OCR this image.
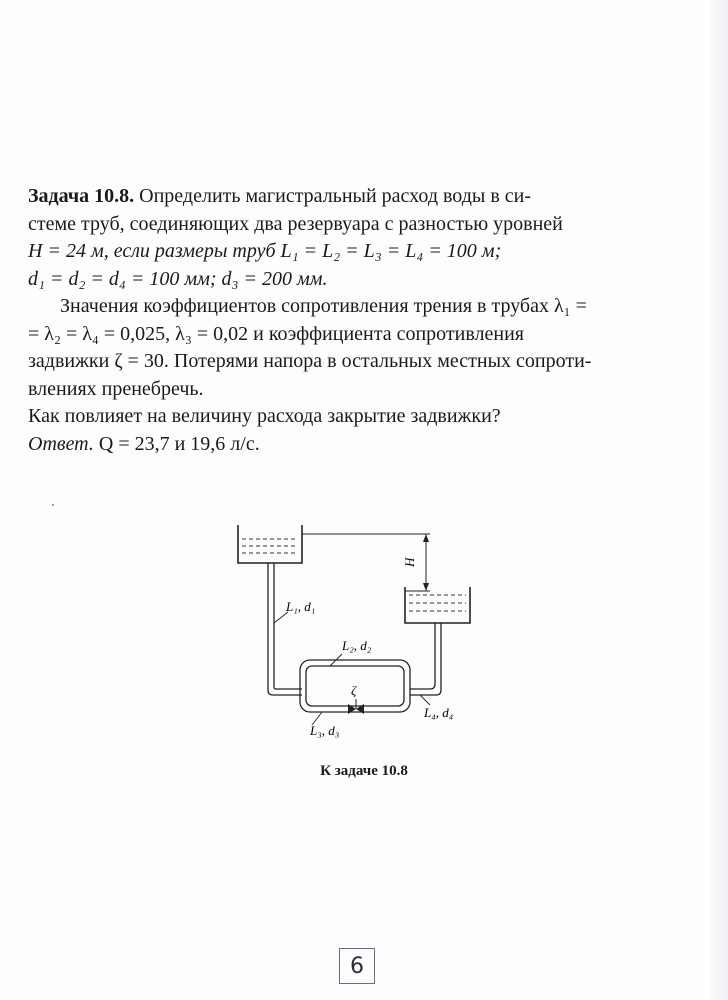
Задача 10.8. Определить магистральный расход воды в си-

стеме труб, соединяющих два резервуара с разностью уровней

H = 24 м, если размеры труб L₁ = L₂ = L₃ = L₄ = 100 м;

d₁ = d₂ = d₄ = 100 мм; d₃ = 200 мм.

Значения коэффициентов сопротивления трения в трубах λ₁ =

= λ₂ = λ₄ = 0,025, λ₃ = 0,02 и коэффициента сопротивления

задвижки ζ = 30. Потерями напора в остальных местных сопроти-

влениях пренебречь.

Как повлияет на величину расхода закрытие задвижки?

Ответ. Q = 23,7 и 19,6 л/с.

H
ζ
L₁, d₁
L₂, d₂
L₃, d₃
L₄, d₄
К задаче 10.8
6
